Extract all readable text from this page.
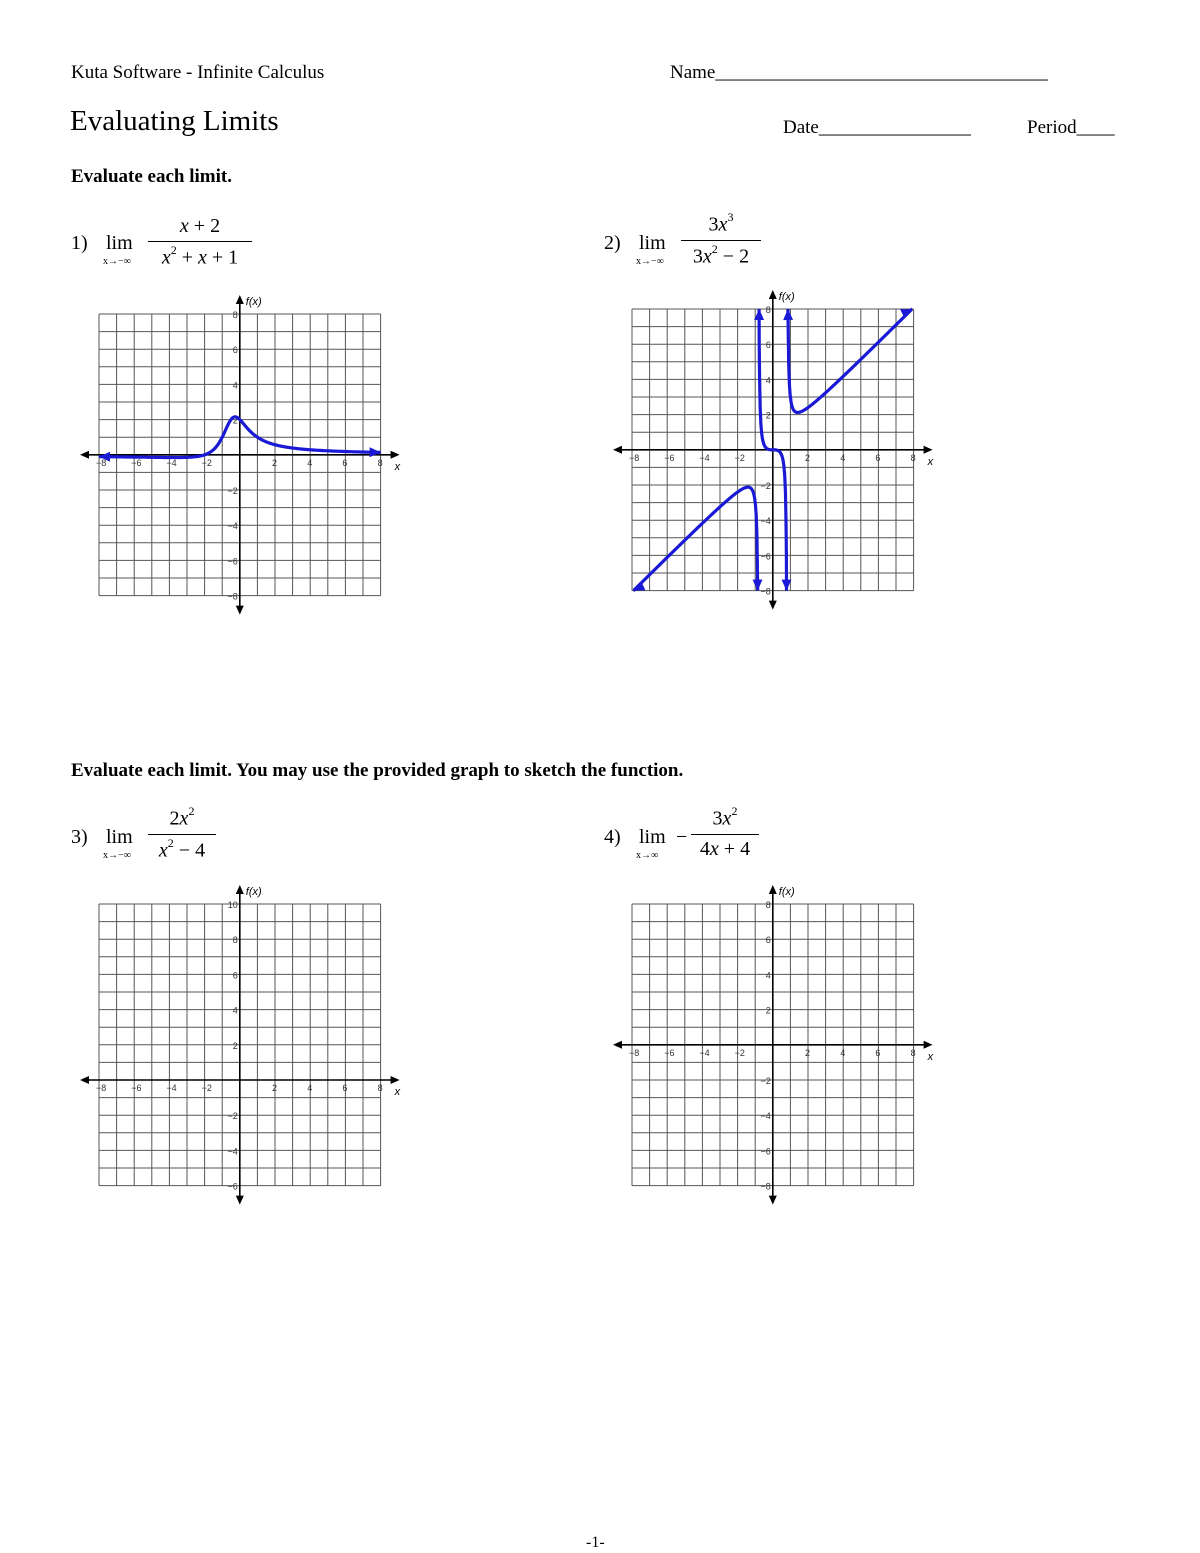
Kuta Software - Infinite Calculus	Name___________________________________
Evaluating Limits	Date________________	Period____
Evaluate each limit.
Evaluate each limit. You may use the provided graph to sketch the function.
1) lim
x→−∞
x + 2
$x^2 + x + 1$
2) lim
x→−∞
$3x^3$
$3x^2 - 2$
3) lim
x→−∞
$2x^2$
$x^2 - 4$
4) lim
x→∞
−
$3x^2$
4x + 4
f(x)
x
−8	−6	−4	−2	2	4	6	8
8
6
4
2
−2
−4
−6
−8
f(x)
x
−8	−6	−4	−2	2	4	6	8
8
6
4
2
−2
−4
−6
−8
f(x)
x
−8	−6	−4	−2	2	4	6	8
10
8
6
4
2
−2
−4
−6
f(x)
x
−8	−6	−4	−2	2	4	6	8
8
6
4
2
−2
−4
−6
−8
-1-
